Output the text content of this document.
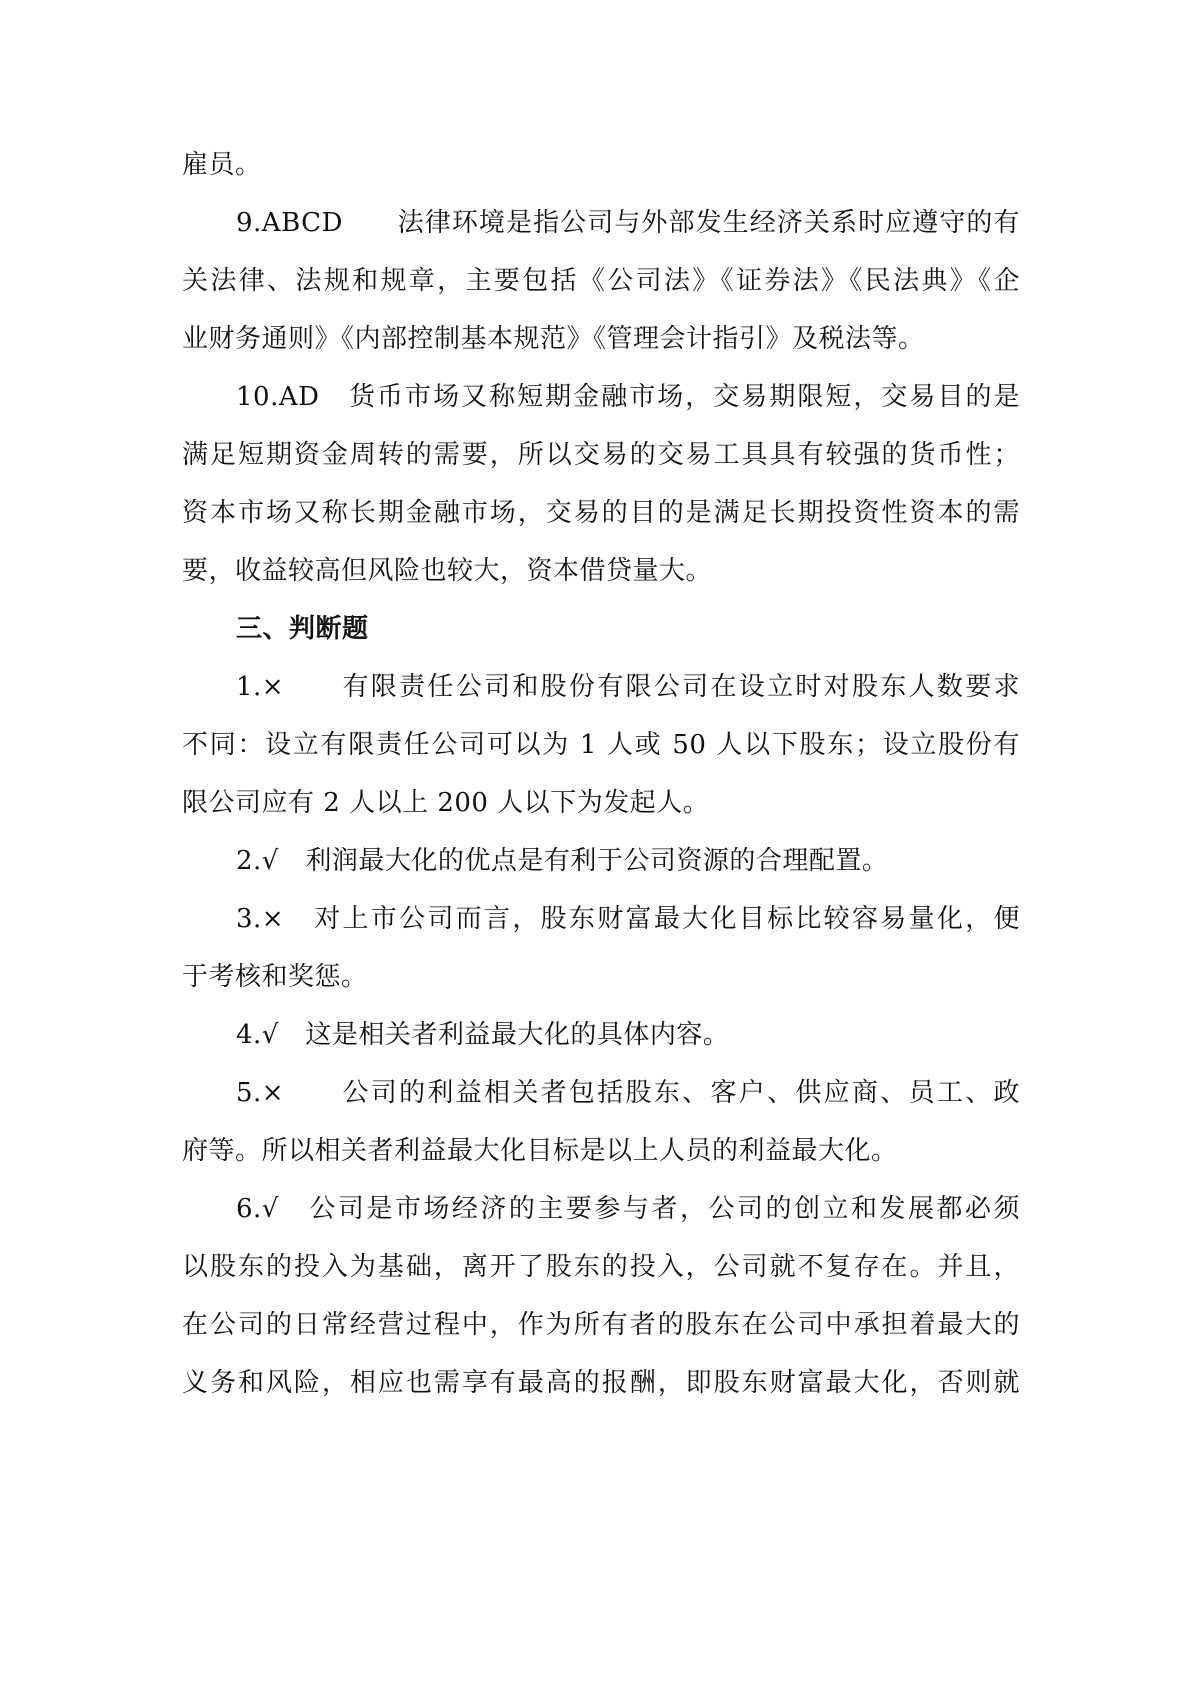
雇员。
9.ABCD　　法律环境是指公司与外部发生经济关系时应遵守的有
关法律、法规和规章，主要包括《公司法》《证券法》《民法典》《企
业财务通则》《内部控制基本规范》《管理会计指引》及税法等。
10.AD　货币市场又称短期金融市场，交易期限短，交易目的是
满足短期资金周转的需要，所以交易的交易工具具有较强的货币性；
资本市场又称长期金融市场，交易的目的是满足长期投资性资本的需
要，收益较高但风险也较大，资本借贷量大。
三、判断题
1.×　　有限责任公司和股份有限公司在设立时对股东人数要求
不同：设立有限责任公司可以为 1 人或 50 人以下股东；设立股份有
限公司应有 2 人以上 200 人以下为发起人。
2.√　利润最大化的优点是有利于公司资源的合理配置。
3.×　对上市公司而言，股东财富最大化目标比较容易量化，便
于考核和奖惩。
4.√　这是相关者利益最大化的具体内容。
5.×　　公司的利益相关者包括股东、客户、供应商、员工、政
府等。所以相关者利益最大化目标是以上人员的利益最大化。
6.√　公司是市场经济的主要参与者，公司的创立和发展都必须
以股东的投入为基础，离开了股东的投入，公司就不复存在。并且，
在公司的日常经营过程中，作为所有者的股东在公司中承担着最大的
义务和风险，相应也需享有最高的报酬，即股东财富最大化，否则就
